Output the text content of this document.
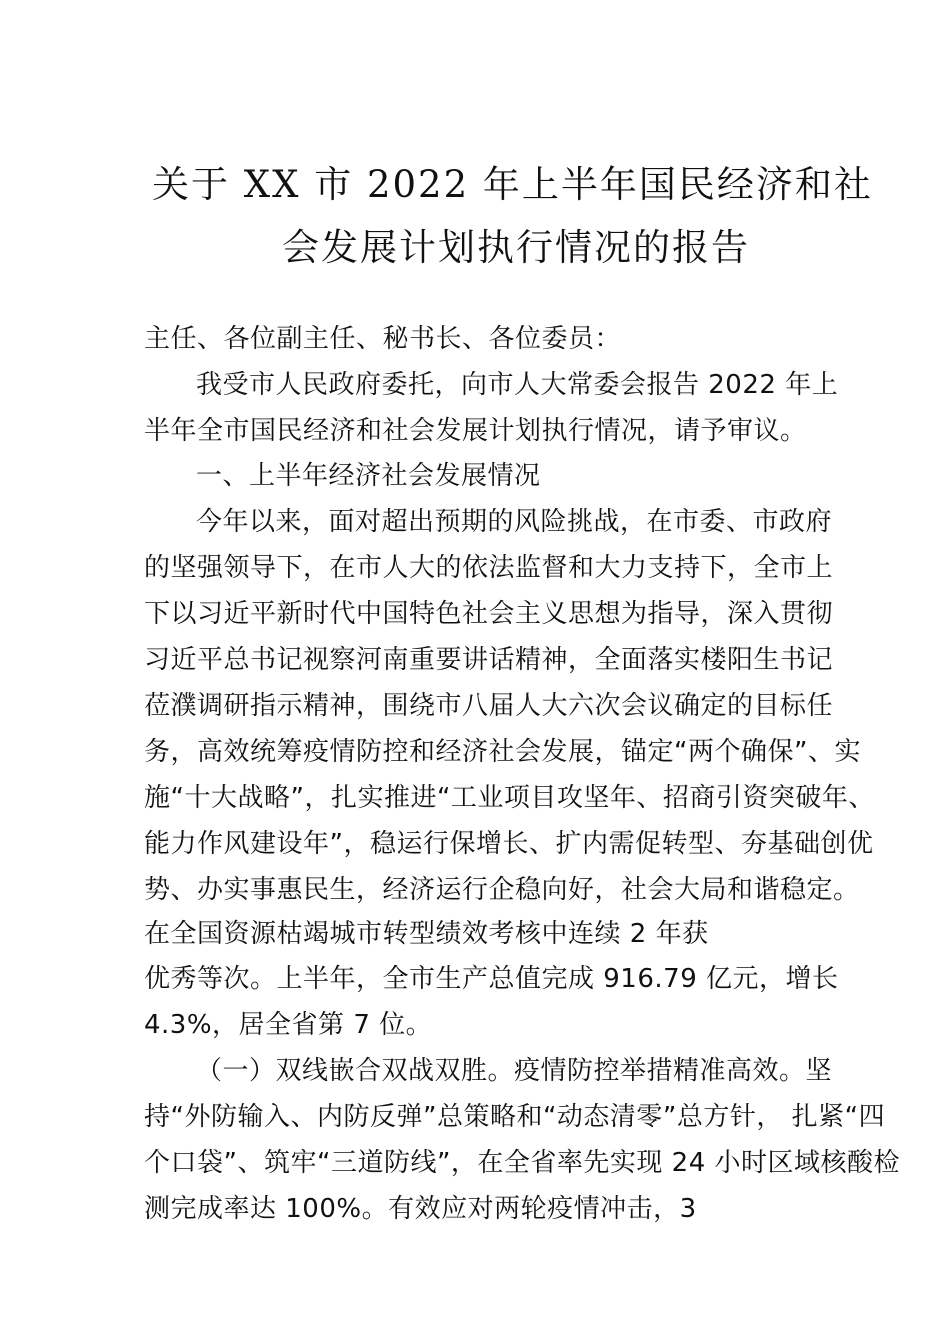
关于 XX 市 2022 年上半年国民经济和社
会发展计划执行情况的报告
主任、各位副主任、秘书长、各位委员：
我受市人民政府委托，向市人大常委会报告 2022 年上
半年全市国民经济和社会发展计划执行情况，请予审议。
一、上半年经济社会发展情况
今年以来，面对超出预期的风险挑战，在市委、市政府
的坚强领导下，在市人大的依法监督和大力支持下，全市上
下以习近平新时代中国特色社会主义思想为指导，深入贯彻
习近平总书记视察河南重要讲话精神，全面落实楼阳生书记
莅濮调研指示精神，围绕市八届人大六次会议确定的目标任
务，高效统筹疫情防控和经济社会发展，锚定“两个确保”、实
施“十大战略”，扎实推进“工业项目攻坚年、招商引资突破年、
能力作风建设年”，稳运行保增长、扩内需促转型、夯基础创优
势、办实事惠民生，经济运行企稳向好，社会大局和谐稳定。
在全国资源枯竭城市转型绩效考核中连续 2 年获
优秀等次。上半年，全市生产总值完成 916.79 亿元，增长
4.3%，居全省第 7 位。
（一）双线嵌合双战双胜。疫情防控举措精准高效。坚
持“外防输入、内防反弹”总策略和“动态清零”总方针， 扎紧“四
个口袋”、筑牢“三道防线”，在全省率先实现 24 小时区域核酸检
测完成率达 100%。有效应对两轮疫情冲击，3
